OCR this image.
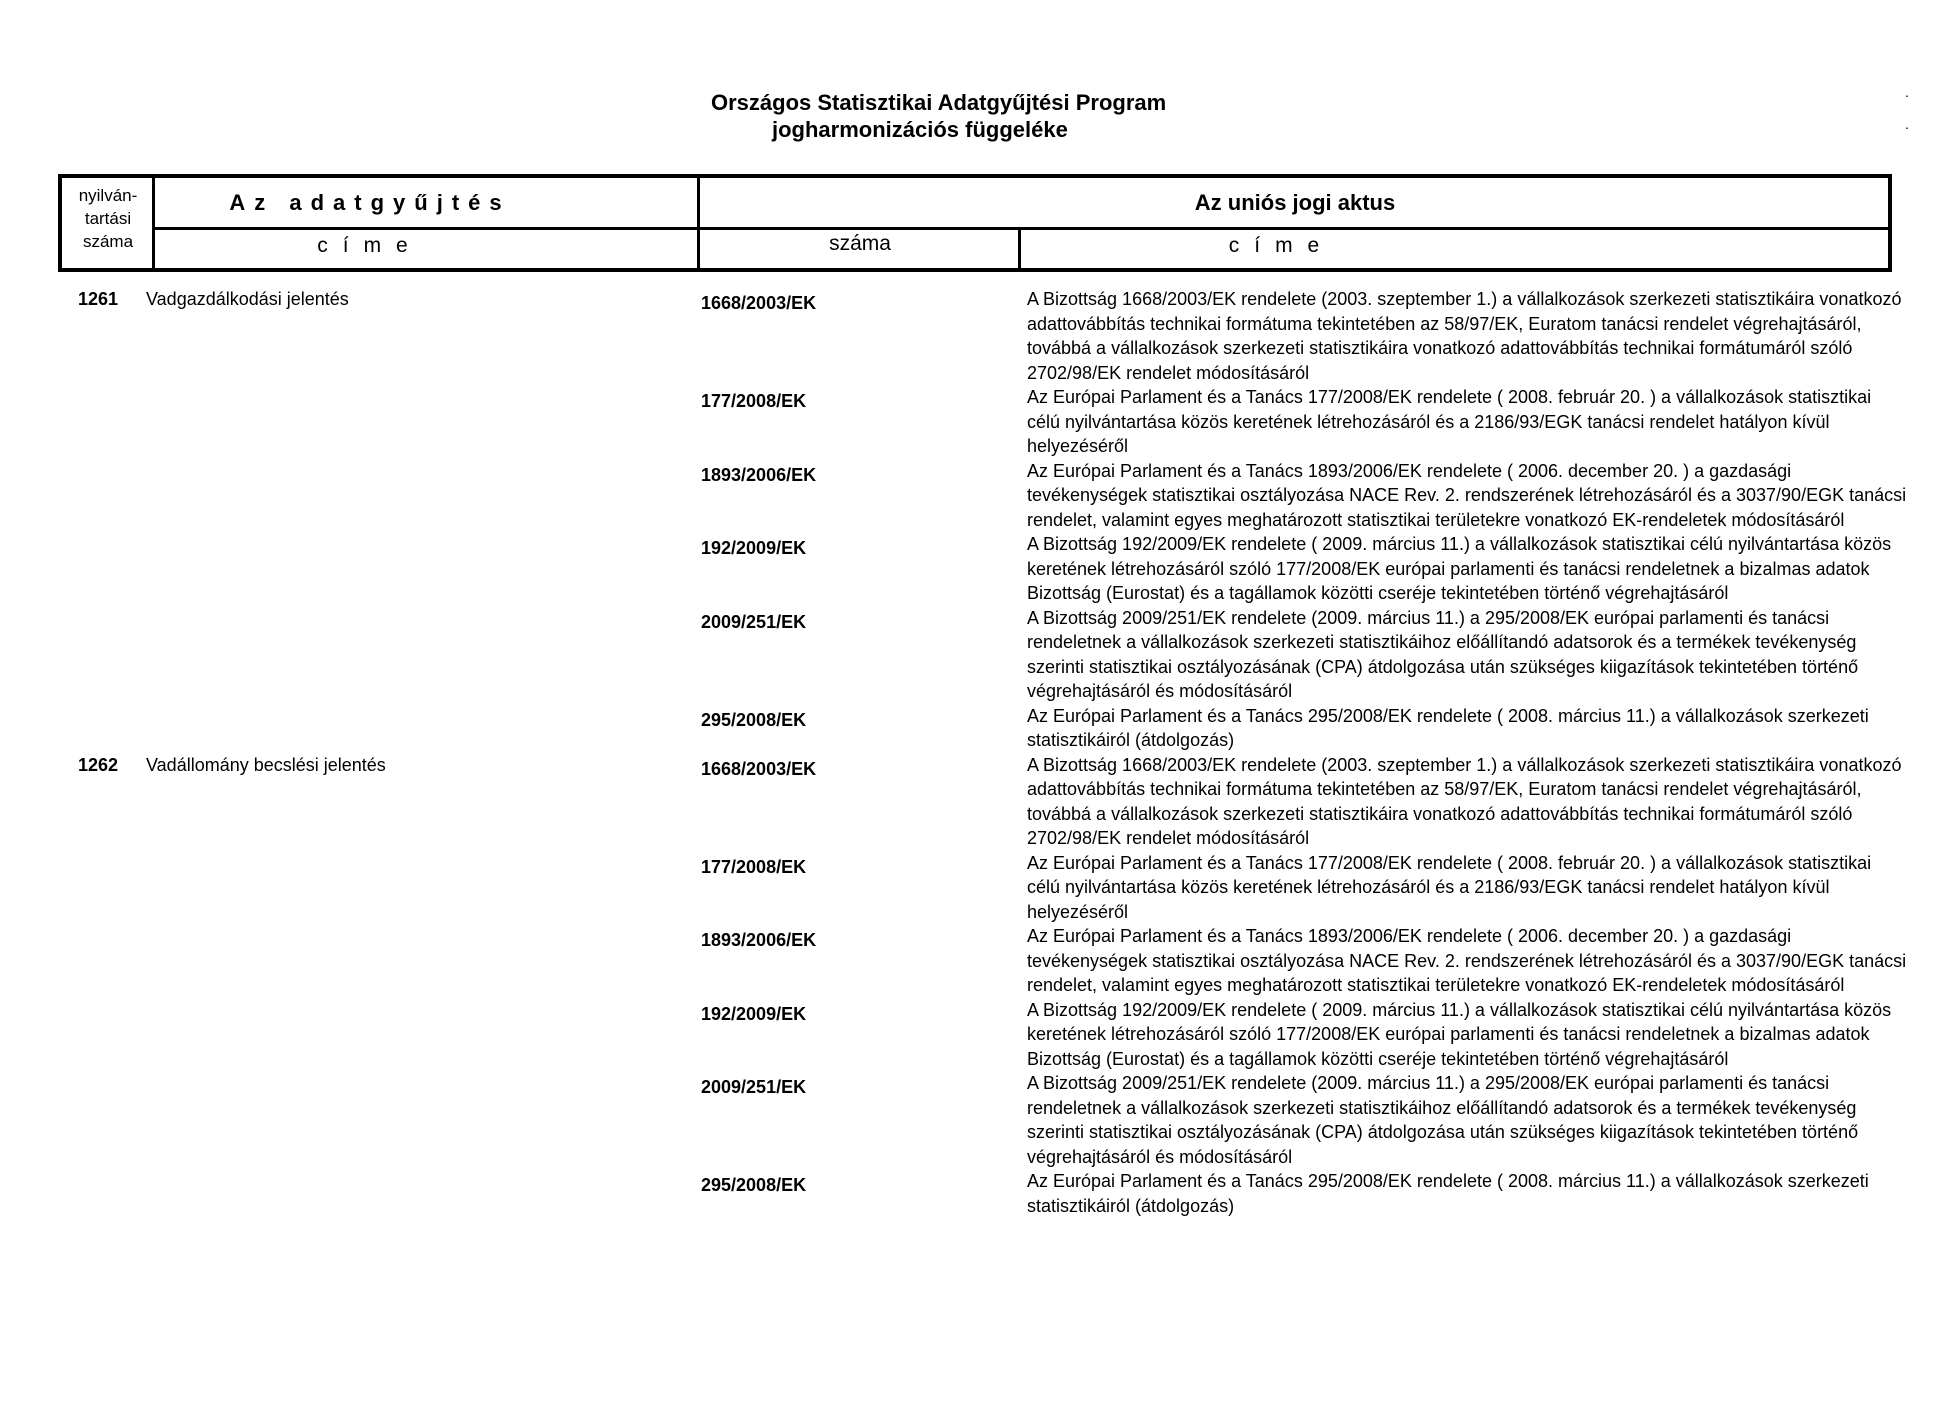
Országos Statisztikai Adatgyűjtési Program
jogharmonizációs függeléke
.
.
nyilván-
tartási
száma
Az adatgyűjtés
címe
Az uniós jogi aktus
száma	címe
1261	Vadgazdálkodási jelentés	1668/2003/EK	A Bizottság 1668/2003/EK rendelete (2003. szeptember 1.) a vállalkozások szerkezeti statisztikáira vonatkozó adattovábbítás technikai formátuma tekintetében az 58/97/EK, Euratom tanácsi rendelet végrehajtásáról, továbbá a vállalkozások szerkezeti statisztikáira vonatkozó adattovábbítás technikai formátumáról szóló 2702/98/EK rendelet módosításáról
177/2008/EK	Az Európai Parlament és a Tanács 177/2008/EK rendelete ( 2008. február 20. ) a vállalkozások statisztikai célú nyilvántartása közös keretének létrehozásáról és a 2186/93/EGK tanácsi rendelet hatályon kívül helyezéséről
1893/2006/EK	Az Európai Parlament és a Tanács 1893/2006/EK rendelete ( 2006. december 20. ) a gazdasági tevékenységek statisztikai osztályozása NACE Rev. 2. rendszerének létrehozásáról és a 3037/90/EGK tanácsi rendelet, valamint egyes meghatározott statisztikai területekre vonatkozó EK-rendeletek módosításáról
192/2009/EK	A Bizottság 192/2009/EK rendelete ( 2009. március 11.) a vállalkozások statisztikai célú nyilvántartása közös keretének létrehozásáról szóló 177/2008/EK európai parlamenti és tanácsi rendeletnek a bizalmas adatok Bizottság (Eurostat) és a tagállamok közötti cseréje tekintetében történő végrehajtásáról
2009/251/EK	A Bizottság 2009/251/EK rendelete (2009. március 11.) a 295/2008/EK európai parlamenti és tanácsi rendeletnek a vállalkozások szerkezeti statisztikáihoz előállítandó adatsorok és a termékek tevékenység szerinti statisztikai osztályozásának (CPA) átdolgozása után szükséges kiigazítások tekintetében történő végrehajtásáról és módosításáról
295/2008/EK	Az Európai Parlament és a Tanács 295/2008/EK rendelete ( 2008. március 11.) a vállalkozások szerkezeti statisztikáiról (átdolgozás)
1262	Vadállomány becslési jelentés	1668/2003/EK	A Bizottság 1668/2003/EK rendelete (2003. szeptember 1.) a vállalkozások szerkezeti statisztikáira vonatkozó adattovábbítás technikai formátuma tekintetében az 58/97/EK, Euratom tanácsi rendelet végrehajtásáról, továbbá a vállalkozások szerkezeti statisztikáira vonatkozó adattovábbítás technikai formátumáról szóló 2702/98/EK rendelet módosításáról
177/2008/EK	Az Európai Parlament és a Tanács 177/2008/EK rendelete ( 2008. február 20. ) a vállalkozások statisztikai célú nyilvántartása közös keretének létrehozásáról és a 2186/93/EGK tanácsi rendelet hatályon kívül helyezéséről
1893/2006/EK	Az Európai Parlament és a Tanács 1893/2006/EK rendelete ( 2006. december 20. ) a gazdasági tevékenységek statisztikai osztályozása NACE Rev. 2. rendszerének létrehozásáról és a 3037/90/EGK tanácsi rendelet, valamint egyes meghatározott statisztikai területekre vonatkozó EK-rendeletek módosításáról
192/2009/EK	A Bizottság 192/2009/EK rendelete ( 2009. március 11.) a vállalkozások statisztikai célú nyilvántartása közös keretének létrehozásáról szóló 177/2008/EK európai parlamenti és tanácsi rendeletnek a bizalmas adatok Bizottság (Eurostat) és a tagállamok közötti cseréje tekintetében történő végrehajtásáról
2009/251/EK	A Bizottság 2009/251/EK rendelete (2009. március 11.) a 295/2008/EK európai parlamenti és tanácsi rendeletnek a vállalkozások szerkezeti statisztikáihoz előállítandó adatsorok és a termékek tevékenység szerinti statisztikai osztályozásának (CPA) átdolgozása után szükséges kiigazítások tekintetében történő végrehajtásáról és módosításáról
295/2008/EK	Az Európai Parlament és a Tanács 295/2008/EK rendelete ( 2008. március 11.) a vállalkozások szerkezeti statisztikáiról (átdolgozás)
